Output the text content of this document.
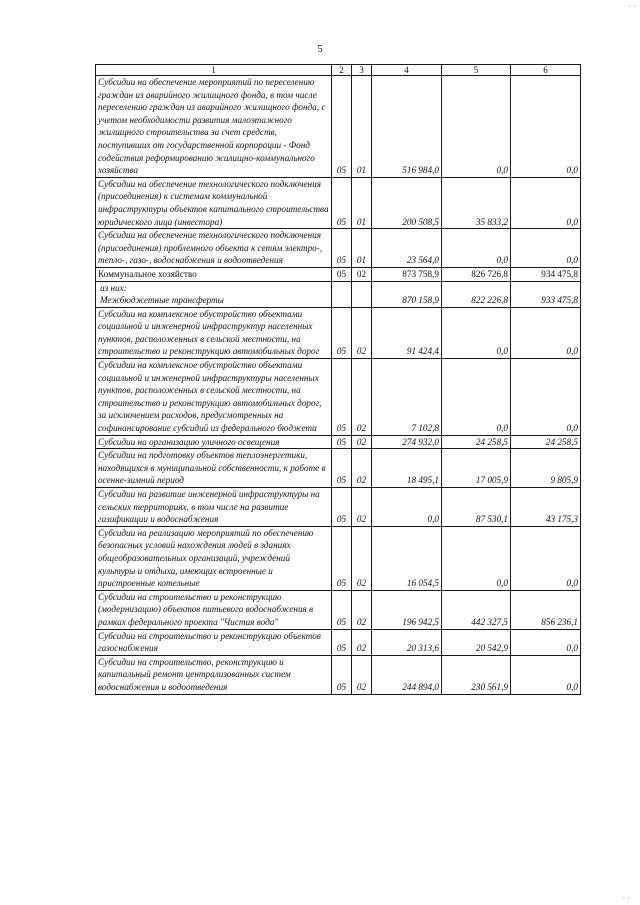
5
· ·
· ·
1	2	3	4	5	6
Субсидии на обеспечение мероприятий по переселению граждан из аварийного жилищного фонда, в том числе переселению граждан из аварийного жилищного фонда, с учетом необходимости развития малоэтажного жилищного строительства за счет средств, поступивших от государственной корпорации - Фонд содействия реформированию жилищно-коммунального хозяйства	05	01	516 984,0	0,0	0,0
Субсидии на обеспечение технологического подключения (присоединения) к системам коммунальной инфраструктуры объектов капитального строительства юридического лица (инвестора)	05	01	200 508,5	35 833,2	0,0
Субсидии на обеспечение технологического подключения (присоединения) проблемного объекта к сетям электро-, тепло-, газо-, водоснабжения и водоотведения	05	01	23 564,0	0,0	0,0
Коммунальное хозяйство	05	02	873 758,9	826 726,8	934 475,8
из них:
Межбюджетные трансферты			870 158,9	822 226,8	933 475,8
Субсидии на комплексное обустройство объектами социальной и инженерной инфраструктур населенных пунктов, расположенных в сельской местности, на строительство и реконструкцию автомобильных дорог	05	02	91 424,4	0,0	0,0
Субсидии на комплексное обустройство объектами социальной и инженерной инфраструктуры населенных пунктов, расположенных в сельской местности, на строительство и реконструкцию автомобильных дорог, за исключением расходов, предусмотренных на софинансирование субсидий из федерального бюджета	05	02	7 102,8	0,0	0,0
Субсидии на организацию уличного освещения	05	02	274 932,0	24 258,5	24 258,5
Субсидии на подготовку объектов теплоэнергетики, находящихся в муниципальной собственности, к работе в осенне-зимний период	05	02	18 495,1	17 005,9	9 805,9
Субсидии на развитие инженерной инфраструктуры на сельских территориях, в том числе на развитие газификации и водоснабжения	05	02	0,0	87 530,1	43 175,3
Субсидии на реализацию мероприятий по обеспечению безопасных условий нахождения людей в зданиях общеобразовательных организаций, учреждений культуры и отдыха, имеющих встроенные и пристроенные котельные	05	02	16 054,5	0,0	0,0
Субсидии на строительство и реконструкцию (модернизацию) объектов питьевого водоснабжения в рамках федерального проекта "Чистая вода"	05	02	196 942,5	442 327,5	856 236,1
Субсидии на строительство и реконструкцию объектов газоснабжения	05	02	20 313,6	20 542,9	0,0
Субсидии на строительство, реконструкцию и капитальный ремонт централизованных систем водоснабжения и водоотведения	05	02	244 894,0	230 561,9	0,0
